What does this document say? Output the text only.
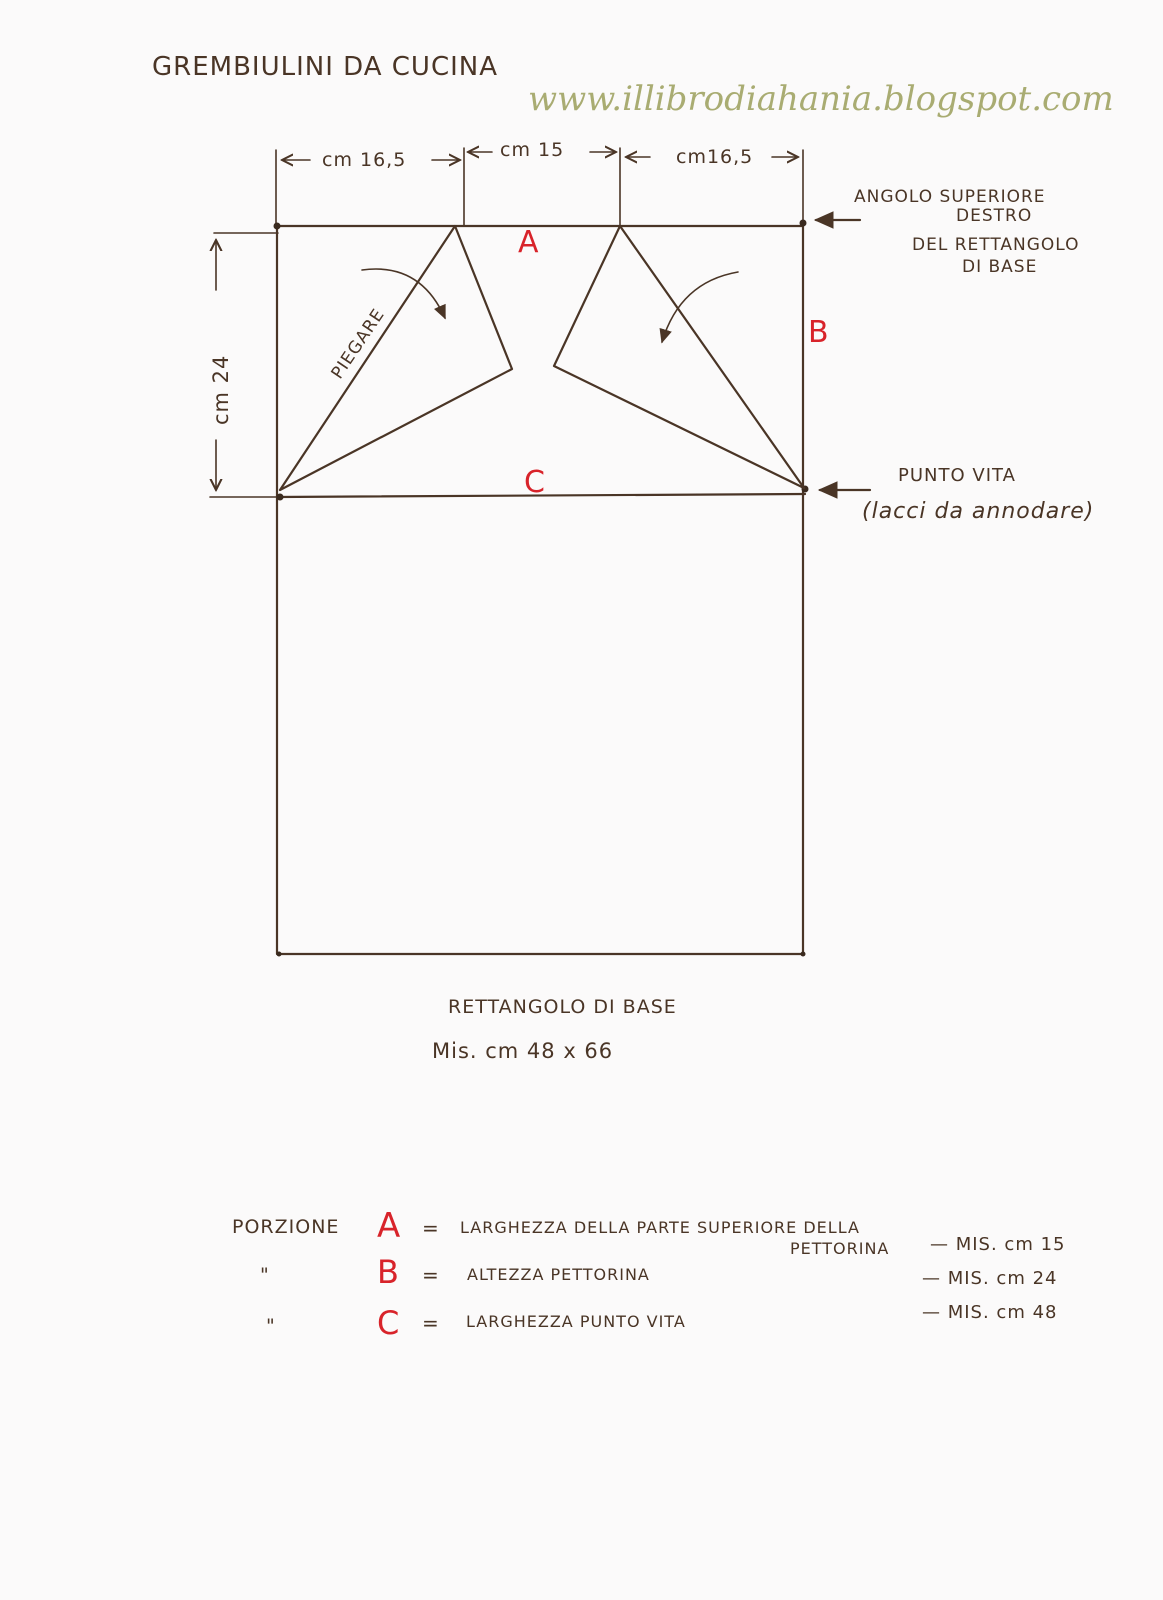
GREMBIULINI DA CUCINA
www.illibrodiahania.blogspot.com
cm 16,5	cm 15	cm16,5
cm 24
PIEGARE
A
B
C
ANGOLO SUPERIORE
DESTRO
DEL RETTANGOLO
DI BASE
PUNTO VITA
(lacci da annodare)
RETTANGOLO DI BASE
Mis. cm 48 x 66
PORZIONE A = LARGHEZZA DELLA PARTE SUPERIORE DELLA
PETTORINA — MIS. cm 15
"	B = ALTEZZA PETTORINA	— MIS. cm 24
"	C = LARGHEZZA PUNTO VITA	— MIS. cm 48
